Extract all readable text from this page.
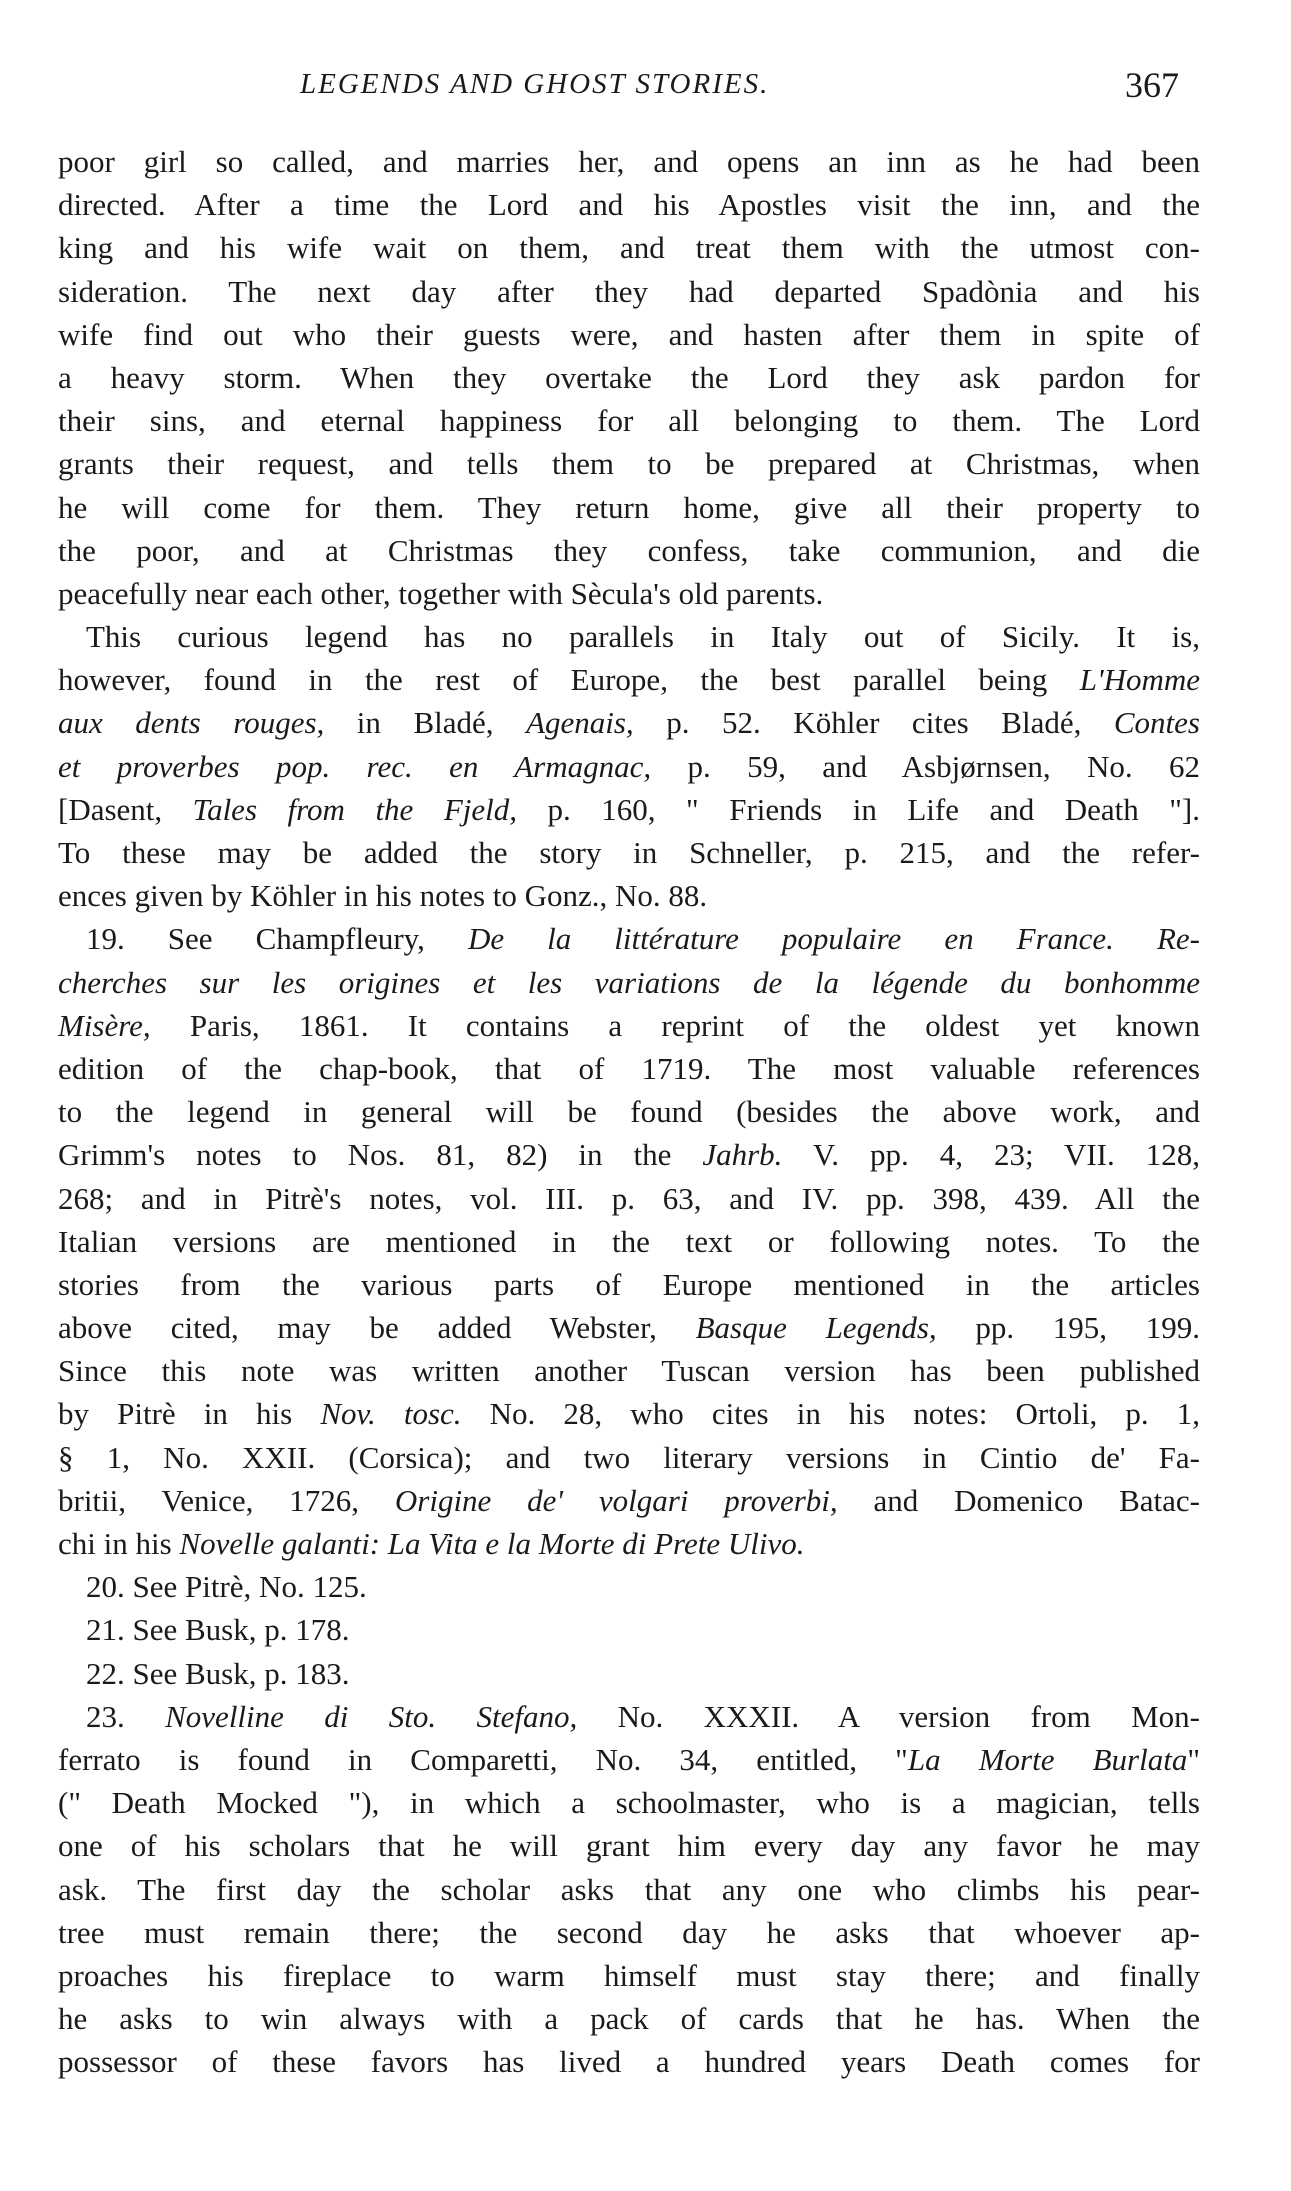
LEGENDS AND GHOST STORIES.	367
poor girl so called, and marries her, and opens an inn as he had been
directed. After a time the Lord and his Apostles visit the inn, and the
king and his wife wait on them, and treat them with the utmost con-
sideration. The next day after they had departed Spadònia and his
wife find out who their guests were, and hasten after them in spite of
a heavy storm. When they overtake the Lord they ask pardon for
their sins, and eternal happiness for all belonging to them. The Lord
grants their request, and tells them to be prepared at Christmas, when
he will come for them. They return home, give all their property to
the poor, and at Christmas they confess, take communion, and die
peacefully near each other, together with Sècula's old parents.
This curious legend has no parallels in Italy out of Sicily. It is,
however, found in the rest of Europe, the best parallel being L'Homme
aux dents rouges, in Bladé, Agenais, p. 52. Köhler cites Bladé, Contes
et proverbes pop. rec. en Armagnac, p. 59, and Asbjørnsen, No. 62
[Dasent, Tales from the Fjeld, p. 160, " Friends in Life and Death "].
To these may be added the story in Schneller, p. 215, and the refer-
ences given by Köhler in his notes to Gonz., No. 88.
19. See Champfleury, De la littérature populaire en France. Re-
cherches sur les origines et les variations de la légende du bonhomme
Misère, Paris, 1861. It contains a reprint of the oldest yet known
edition of the chap-book, that of 1719. The most valuable references
to the legend in general will be found (besides the above work, and
Grimm's notes to Nos. 81, 82) in the Jahrb. V. pp. 4, 23; VII. 128,
268; and in Pitrè's notes, vol. III. p. 63, and IV. pp. 398, 439. All the
Italian versions are mentioned in the text or following notes. To the
stories from the various parts of Europe mentioned in the articles
above cited, may be added Webster, Basque Legends, pp. 195, 199.
Since this note was written another Tuscan version has been published
by Pitrè in his Nov. tosc. No. 28, who cites in his notes: Ortoli, p. 1,
§ 1, No. XXII. (Corsica); and two literary versions in Cintio de' Fa-
britii, Venice, 1726, Origine de' volgari proverbi, and Domenico Batac-
chi in his Novelle galanti: La Vita e la Morte di Prete Ulivo.
20. See Pitrè, No. 125.
21. See Busk, p. 178.
22. See Busk, p. 183.
23. Novelline di Sto. Stefano, No. XXXII. A version from Mon-
ferrato is found in Comparetti, No. 34, entitled, "La Morte Burlata"
(" Death Mocked "), in which a schoolmaster, who is a magician, tells
one of his scholars that he will grant him every day any favor he may
ask. The first day the scholar asks that any one who climbs his pear-
tree must remain there; the second day he asks that whoever ap-
proaches his fireplace to warm himself must stay there; and finally
he asks to win always with a pack of cards that he has. When the
possessor of these favors has lived a hundred years Death comes for
